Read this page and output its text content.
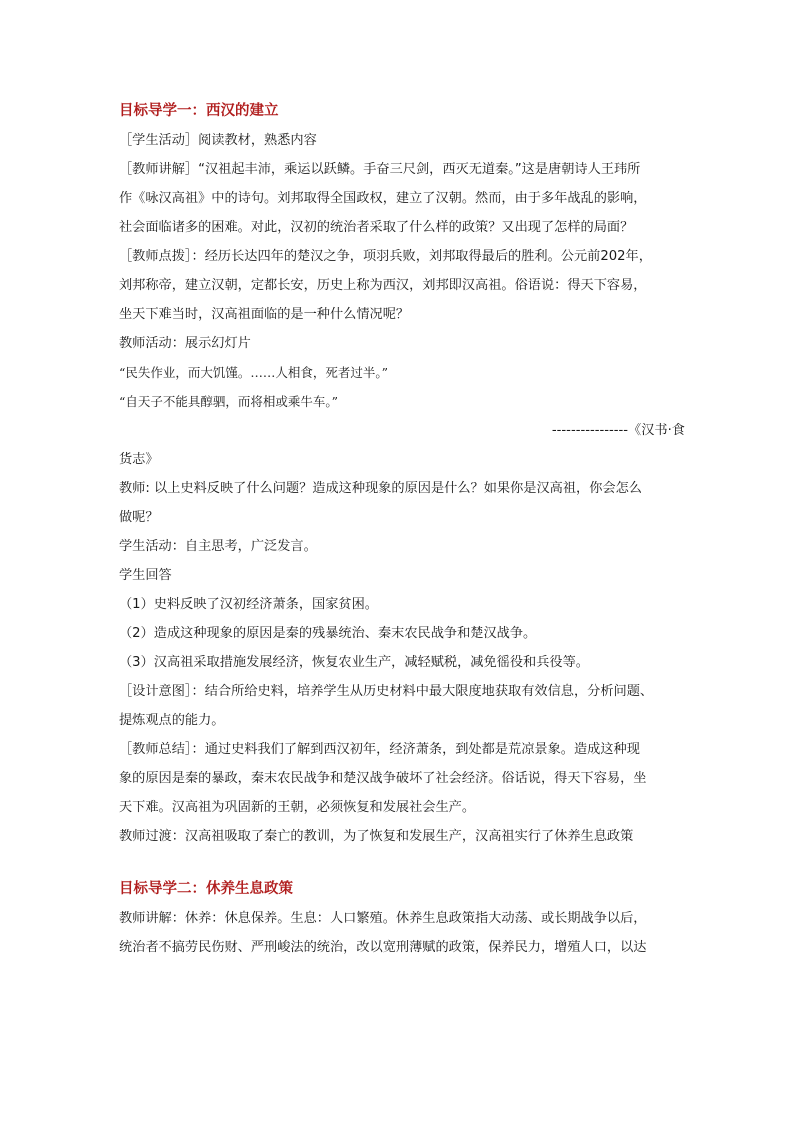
目标导学一：西汉的建立
［学生活动］阅读教材，熟悉内容
［教师讲解］“汉祖起丰沛，乘运以跃鳞。手奋三尺剑，西灭无道秦。”这是唐朝诗人王玮所
作《咏汉高祖》中的诗句。刘邦取得全国政权，建立了汉朝。然而，由于多年战乱的影响，
社会面临诸多的困难。对此，汉初的统治者采取了什么样的政策？又出现了怎样的局面？
［教师点拨］：经历长达四年的楚汉之争，项羽兵败，刘邦取得最后的胜利。公元前202年，
刘邦称帝，建立汉朝，定都长安，历史上称为西汉，刘邦即汉高祖。俗语说：得天下容易，
坐天下难当时，汉高祖面临的是一种什么情况呢？
教师活动：展示幻灯片
“民失作业，而大饥馑。……人相食，死者过半。”
“自天子不能具醇驷，而将相或乘牛车。”
----------------《汉书·食
货志》
教师: 以上史料反映了什么问题？造成这种现象的原因是什么？如果你是汉高祖，你会怎么
做呢？
学生活动：自主思考，广泛发言。
学生回答
（1）史料反映了汉初经济萧条，国家贫困。
（2）造成这种现象的原因是秦的残暴统治、秦末农民战争和楚汉战争。
（3）汉高祖采取措施发展经济，恢复农业生产，减轻赋税，减免徭役和兵役等。
［设计意图］：结合所给史料，培养学生从历史材料中最大限度地获取有效信息，分析问题、
提炼观点的能力。
［教师总结］：通过史料我们了解到西汉初年，经济萧条，到处都是荒凉景象。造成这种现
象的原因是秦的暴政，秦末农民战争和楚汉战争破坏了社会经济。俗话说，得天下容易，坐
天下难。汉高祖为巩固新的王朝，必须恢复和发展社会生产。
教师过渡：汉高祖吸取了秦亡的教训，为了恢复和发展生产，汉高祖实行了休养生息政策
目标导学二：休养生息政策
教师讲解：休养：休息保养。生息：人口繁殖。休养生息政策指大动荡、或长期战争以后，
统治者不搞劳民伤财、严刑峻法的统治，改以宽刑薄赋的政策，保养民力，增殖人口，以达
